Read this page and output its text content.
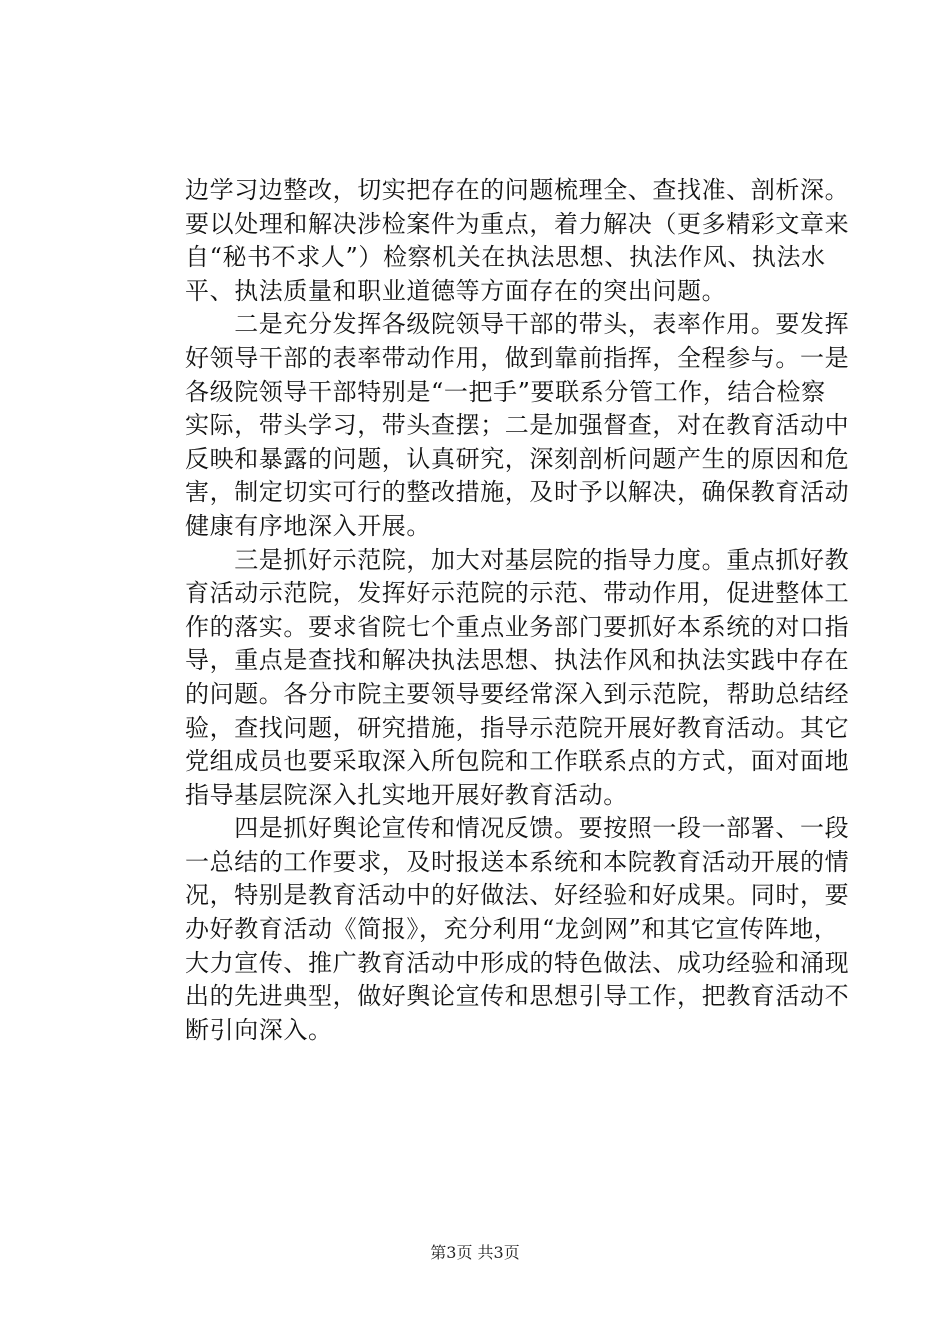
边学习边整改，切实把存在的问题梳理全、查找准、剖析深。
要以处理和解决涉检案件为重点，着力解决（更多精彩文章来
自“秘书不求人”）检察机关在执法思想、执法作风、执法水
平、执法质量和职业道德等方面存在的突出问题。
　　二是充分发挥各级院领导干部的带头，表率作用。要发挥
好领导干部的表率带动作用，做到靠前指挥，全程参与。一是
各级院领导干部特别是“一把手”要联系分管工作，结合检察
实际，带头学习，带头查摆；二是加强督查，对在教育活动中
反映和暴露的问题，认真研究，深刻剖析问题产生的原因和危
害，制定切实可行的整改措施，及时予以解决，确保教育活动
健康有序地深入开展。
　　三是抓好示范院，加大对基层院的指导力度。重点抓好教
育活动示范院，发挥好示范院的示范、带动作用，促进整体工
作的落实。要求省院七个重点业务部门要抓好本系统的对口指
导，重点是查找和解决执法思想、执法作风和执法实践中存在
的问题。各分市院主要领导要经常深入到示范院，帮助总结经
验，查找问题，研究措施，指导示范院开展好教育活动。其它
党组成员也要采取深入所包院和工作联系点的方式，面对面地
指导基层院深入扎实地开展好教育活动。
　　四是抓好舆论宣传和情况反馈。要按照一段一部署、一段
一总结的工作要求，及时报送本系统和本院教育活动开展的情
况，特别是教育活动中的好做法、好经验和好成果。同时，要
办好教育活动《简报》，充分利用“龙剑网”和其它宣传阵地，
大力宣传、推广教育活动中形成的特色做法、成功经验和涌现
出的先进典型，做好舆论宣传和思想引导工作，把教育活动不
断引向深入。
第3页 共3页
